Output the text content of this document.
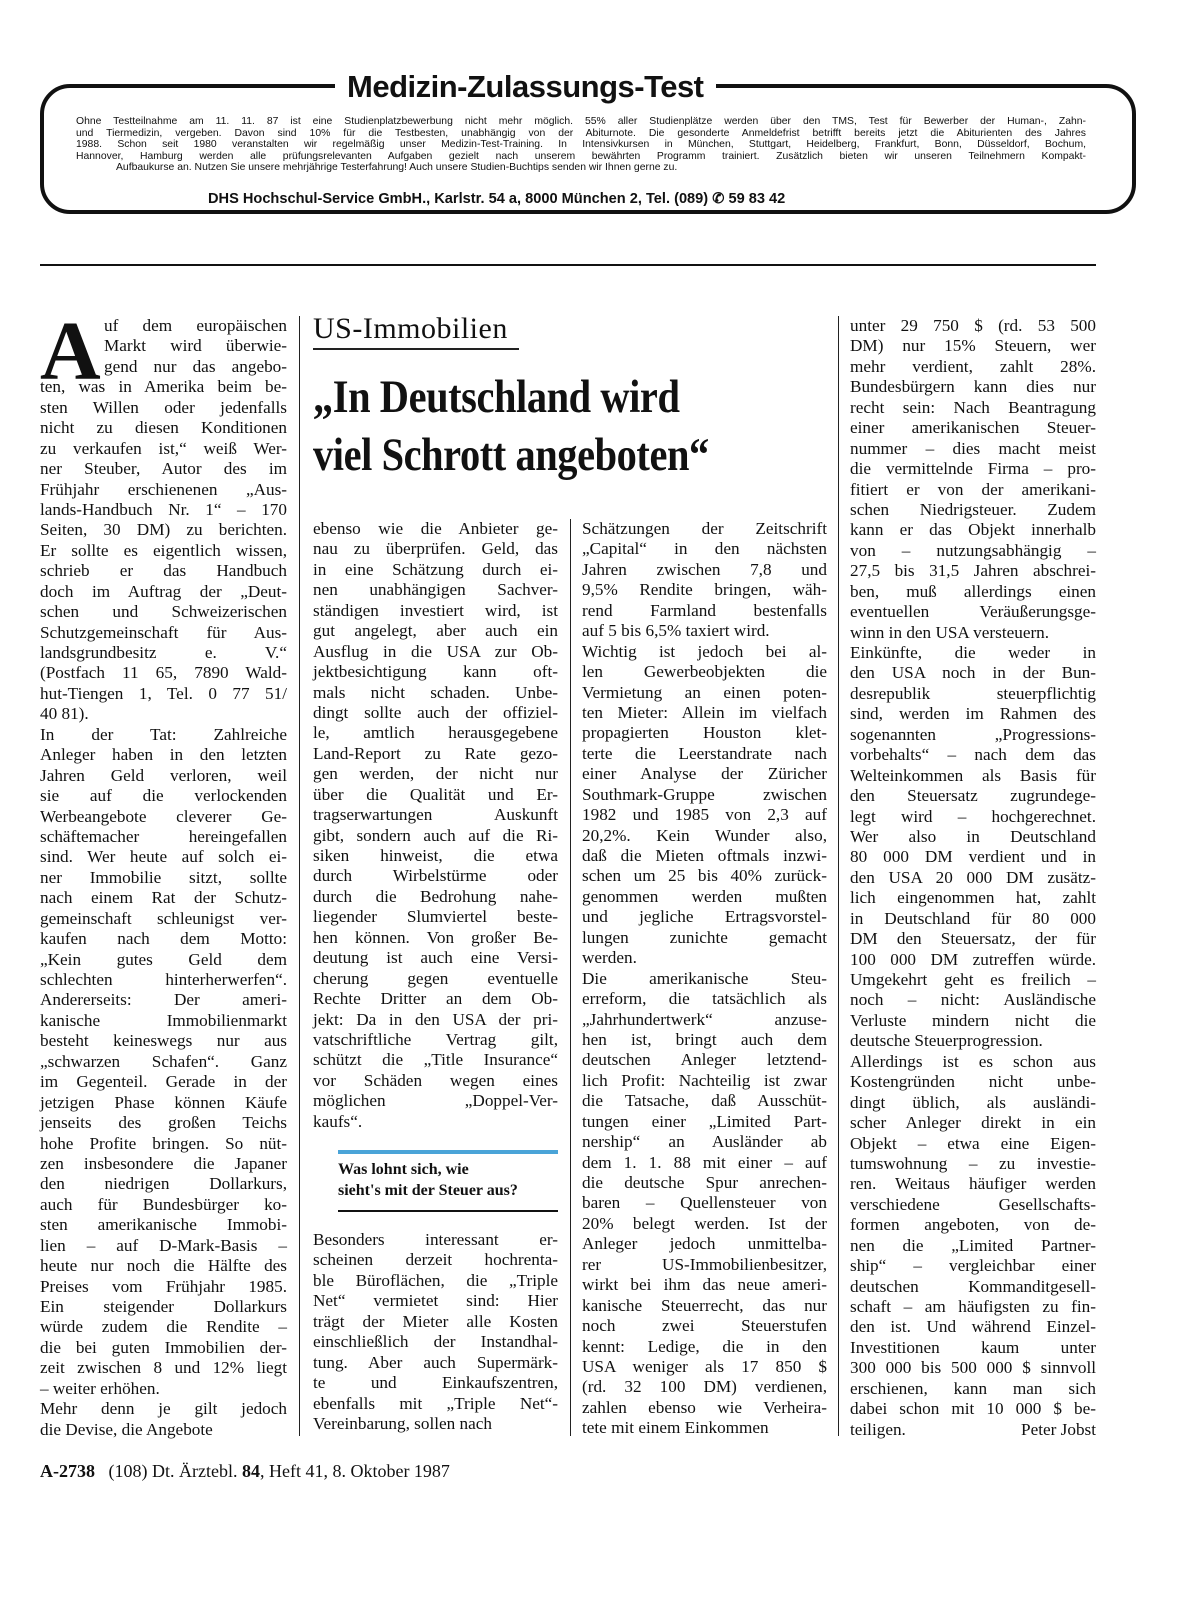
Medizin-Zulassungs-Test
Ohne Testteilnahme am 11. 11. 87 ist eine Studienplatzbewerbung nicht mehr möglich. 55% aller Studienplätze werden über den TMS, Test für Bewerber der Human-, Zahn-
und Tiermedizin, vergeben. Davon sind 10% für die Testbesten, unabhängig von der Abiturnote. Die gesonderte Anmeldefrist betrifft bereits jetzt die Abiturienten des Jahres
1988. Schon seit 1980 veranstalten wir regelmäßig unser Medizin-Test-Training. In Intensivkursen in München, Stuttgart, Heidelberg, Frankfurt, Bonn, Düsseldorf, Bochum,
Hannover, Hamburg werden alle prüfungsrelevanten Aufgaben gezielt nach unserem bewährten Programm trainiert. Zusätzlich bieten wir unseren Teilnehmern Kompakt-
Aufbaukurse an. Nutzen Sie unsere mehrjährige Testerfahrung! Auch unsere Studien-Buchtips senden wir Ihnen gerne zu.
DHS Hochschul-Service GmbH., Karlstr. 54 a, 8000 München 2, Tel. (089) ✆ 59 83 42
A uf dem europäischen
Markt wird überwie-
gend nur das angebo-
ten, was in Amerika beim be-
sten Willen oder jedenfalls
nicht zu diesen Konditionen
zu verkaufen ist,“ weiß Wer-
ner Steuber, Autor des im
Frühjahr erschienenen „Aus-
lands-Handbuch Nr. 1“ – 170
Seiten, 30 DM) zu berichten.
Er sollte es eigentlich wissen,
schrieb er das Handbuch
doch im Auftrag der „Deut-
schen und Schweizerischen
Schutzgemeinschaft für Aus-
landsgrundbesitz e. V.“
(Postfach 11 65, 7890 Wald-
hut-Tiengen 1, Tel. 0 77 51/
40 81).
In der Tat: Zahlreiche
Anleger haben in den letzten
Jahren Geld verloren, weil
sie auf die verlockenden
Werbeangebote cleverer Ge-
schäftemacher hereingefallen
sind. Wer heute auf solch ei-
ner Immobilie sitzt, sollte
nach einem Rat der Schutz-
gemeinschaft schleunigst ver-
kaufen nach dem Motto:
„Kein gutes Geld dem
schlechten hinterherwerfen“.
Andererseits: Der ameri-
kanische Immobilienmarkt
besteht keineswegs nur aus
„schwarzen Schafen“. Ganz
im Gegenteil. Gerade in der
jetzigen Phase können Käufe
jenseits des großen Teichs
hohe Profite bringen. So nüt-
zen insbesondere die Japaner
den niedrigen Dollarkurs,
auch für Bundesbürger ko-
sten amerikanische Immobi-
lien – auf D-Mark-Basis –
heute nur noch die Hälfte des
Preises vom Frühjahr 1985.
Ein steigender Dollarkurs
würde zudem die Rendite –
die bei guten Immobilien der-
zeit zwischen 8 und 12% liegt
– weiter erhöhen.
Mehr denn je gilt jedoch
die Devise, die Angebote
US-Immobilien
„In Deutschland wird
viel Schrott angeboten“
ebenso wie die Anbieter ge-
nau zu überprüfen. Geld, das
in eine Schätzung durch ei-
nen unabhängigen Sachver-
ständigen investiert wird, ist
gut angelegt, aber auch ein
Ausflug in die USA zur Ob-
jektbesichtigung kann oft-
mals nicht schaden. Unbe-
dingt sollte auch der offiziel-
le, amtlich herausgegebene
Land-Report zu Rate gezo-
gen werden, der nicht nur
über die Qualität und Er-
tragserwartungen Auskunft
gibt, sondern auch auf die Ri-
siken hinweist, die etwa
durch Wirbelstürme oder
durch die Bedrohung nahe-
liegender Slumviertel beste-
hen können. Von großer Be-
deutung ist auch eine Versi-
cherung gegen eventuelle
Rechte Dritter an dem Ob-
jekt: Da in den USA der pri-
vatschriftliche Vertrag gilt,
schützt die „Title Insurance“
vor Schäden wegen eines
möglichen „Doppel-Ver-
kaufs“.
Was lohnt sich, wie
sieht's mit der Steuer aus?
Besonders interessant er-
scheinen derzeit hochrenta-
ble Büroflächen, die „Triple
Net“ vermietet sind: Hier
trägt der Mieter alle Kosten
einschließlich der Instandhal-
tung. Aber auch Supermärk-
te und Einkaufszentren,
ebenfalls mit „Triple Net“-
Vereinbarung, sollen nach
Schätzungen der Zeitschrift
„Capital“ in den nächsten
Jahren zwischen 7,8 und
9,5% Rendite bringen, wäh-
rend Farmland bestenfalls
auf 5 bis 6,5% taxiert wird.
Wichtig ist jedoch bei al-
len Gewerbeobjekten die
Vermietung an einen poten-
ten Mieter: Allein im vielfach
propagierten Houston klet-
terte die Leerstandrate nach
einer Analyse der Züricher
Southmark-Gruppe zwischen
1982 und 1985 von 2,3 auf
20,2%. Kein Wunder also,
daß die Mieten oftmals inzwi-
schen um 25 bis 40% zurück-
genommen werden mußten
und jegliche Ertragsvorstel-
lungen zunichte gemacht
werden.
Die amerikanische Steu-
erreform, die tatsächlich als
„Jahrhundertwerk“ anzuse-
hen ist, bringt auch dem
deutschen Anleger letztend-
lich Profit: Nachteilig ist zwar
die Tatsache, daß Ausschüt-
tungen einer „Limited Part-
nership“ an Ausländer ab
dem 1. 1. 88 mit einer – auf
die deutsche Spur anrechen-
baren – Quellensteuer von
20% belegt werden. Ist der
Anleger jedoch unmittelba-
rer US-Immobilienbesitzer,
wirkt bei ihm das neue ameri-
kanische Steuerrecht, das nur
noch zwei Steuerstufen
kennt: Ledige, die in den
USA weniger als 17 850 $
(rd. 32 100 DM) verdienen,
zahlen ebenso wie Verheira-
tete mit einem Einkommen
unter 29 750 $ (rd. 53 500
DM) nur 15% Steuern, wer
mehr verdient, zahlt 28%.
Bundesbürgern kann dies nur
recht sein: Nach Beantragung
einer amerikanischen Steuer-
nummer – dies macht meist
die vermittelnde Firma – pro-
fitiert er von der amerikani-
schen Niedrigsteuer. Zudem
kann er das Objekt innerhalb
von – nutzungsabhängig –
27,5 bis 31,5 Jahren abschrei-
ben, muß allerdings einen
eventuellen Veräußerungsge-
winn in den USA versteuern.
Einkünfte, die weder in
den USA noch in der Bun-
desrepublik steuerpflichtig
sind, werden im Rahmen des
sogenannten „Progressions-
vorbehalts“ – nach dem das
Welteinkommen als Basis für
den Steuersatz zugrundege-
legt wird – hochgerechnet.
Wer also in Deutschland
80 000 DM verdient und in
den USA 20 000 DM zusätz-
lich eingenommen hat, zahlt
in Deutschland für 80 000
DM den Steuersatz, der für
100 000 DM zutreffen würde.
Umgekehrt geht es freilich –
noch – nicht: Ausländische
Verluste mindern nicht die
deutsche Steuerprogression.
Allerdings ist es schon aus
Kostengründen nicht unbe-
dingt üblich, als ausländi-
scher Anleger direkt in ein
Objekt – etwa eine Eigen-
tumswohnung – zu investie-
ren. Weitaus häufiger werden
verschiedene Gesellschafts-
formen angeboten, von de-
nen die „Limited Partner-
ship“ – vergleichbar einer
deutschen Kommanditgesell-
schaft – am häufigsten zu fin-
den ist. Und während Einzel-
Investitionen kaum unter
300 000 bis 500 000 $ sinnvoll
erschienen, kann man sich
dabei schon mit 10 000 $ be-
teiligen.	Peter Jobst
A-2738 (108) Dt. Ärztebl. 84, Heft 41, 8. Oktober 1987
